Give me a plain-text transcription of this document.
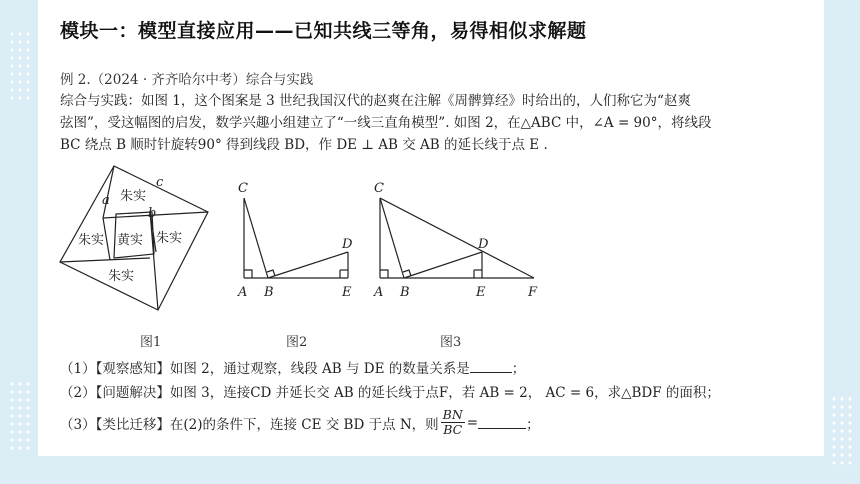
模块一：模型直接应用——已知共线三等角，易得相似求解题
例 2.（2024 · 齐齐哈尔中考）综合与实践
综合与实践：如图 1，这个图案是 3 世纪我国汉代的赵爽在注解《周髀算经》时给出的，人们称它为“赵爽
弦图”，受这幅图的启发，数学兴趣小组建立了“一线三直角模型”. 如图 2，在△ABC 中，∠A = 90°，将线段
BC 绕点 B 顺时针旋转90° 得到线段 BD，作 DE ⊥ AB 交 AB 的延长线于点 E .
朱实
朱实 黄实 朱实
朱实
a
b
c
图1
C
D
A B	E
图2
C
D
A B	E	F
图3
（1）【观察感知】如图 2，通过观察，线段 AB 与 DE 的数量关系是	；
（2）【问题解决】如图 3，连接CD 并延长交 AB 的延长线于点F，若 AB = 2， AC = 6，求△BDF 的面积；
（3）【类比迁移】在(2)的条件下，连接 CE 交 BD 于点 N，则 $\frac{BN}{BC}$ =	；
